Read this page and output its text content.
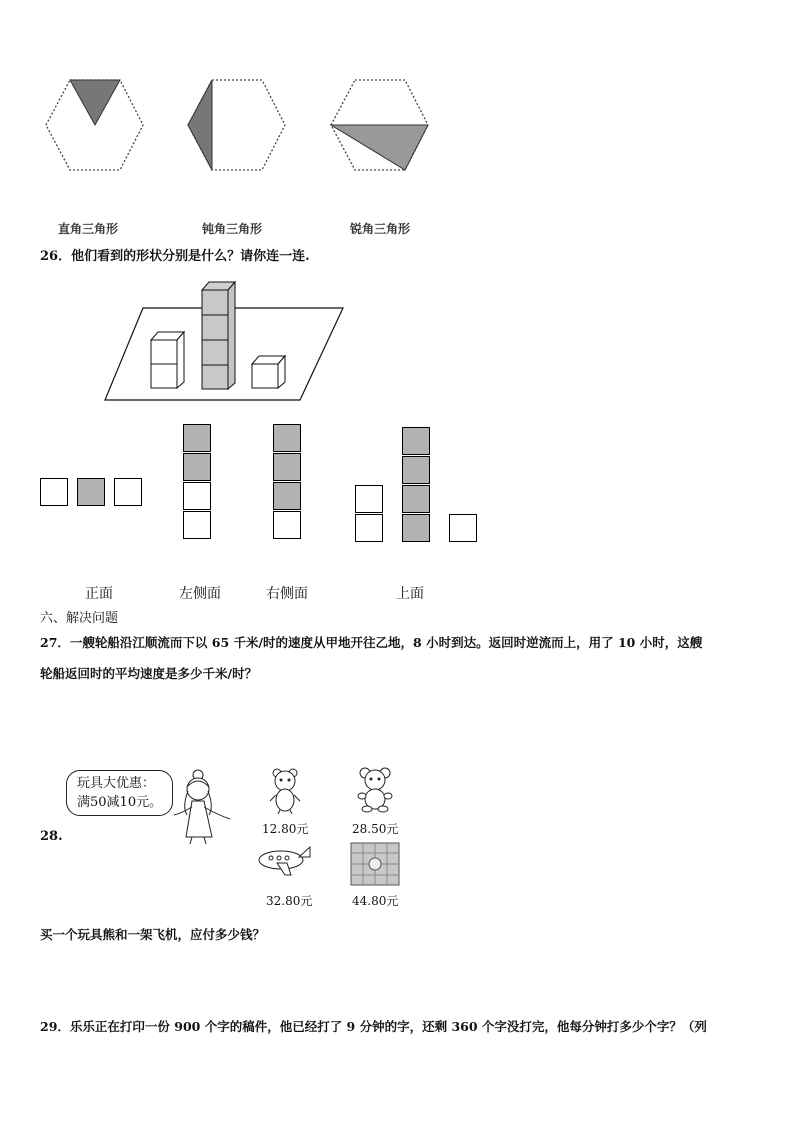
直角三角形	钝角三角形	锐角三角形
26．他们看到的形状分别是什么？请你连一连.
正面	左侧面	右侧面	上面
六、解决问题
27．一艘轮船沿江顺流而下以 65 千米/时的速度从甲地开往乙地，8 小时到达。返回时逆流而上，用了 10 小时，这艘
轮船返回时的平均速度是多少千米/时？
28.
玩具大优惠：
满50减10元。
12.80元	28.50元
32.80元	44.80元
买一个玩具熊和一架飞机，应付多少钱？
29．乐乐正在打印一份 900 个字的稿件，他已经打了 9 分钟的字，还剩 360 个字没打完，他每分钟打多少个字？（列
